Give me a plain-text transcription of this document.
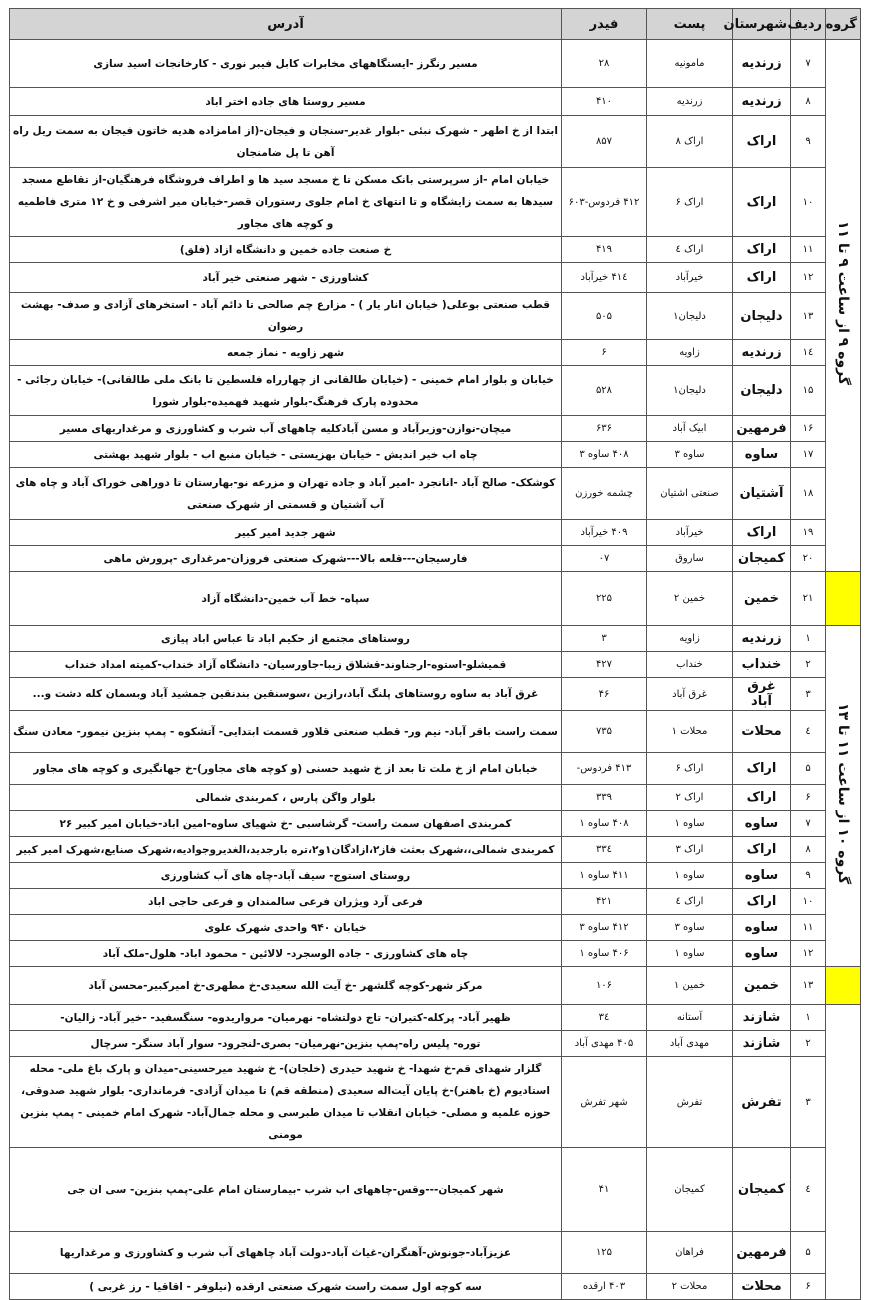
گروه	ردیف	شهرستان	پست	فیدر	آدرس
گروه ۹ از ساعت ۹ تا ۱۱	۷	زرندیه	مامونیه	۲۸	مسیر رنگرز -ایستگاههای مخابرات کابل فیبر نوری - کارخانجات اسید سازی
	۸	زرندیه	زرندیه	۴۱۰	مسیر روستا های جاده اختر اباد
	۹	اراک	اراک ۸	۸۵۷	ابتدا از خ اطهر - شهرک نبئی -بلوار غدیر-سنجان و فیجان-(از امامزاده هدیه خاتون فیجان به سمت ریل راه آهن تا پل ضامنجان
	۱۰	اراک	اراک ۶	۴۱۲ فردوس-۶۰۳	خیابان امام -از سرپرستی بانک مسکن تا خ مسجد سید ها و اطراف فروشگاه فرهنگیان-از تقاطع مسجد سیدها به سمت زایشگاه و تا انتهای خ امام جلوی رستوران قصر-خیابان میر اشرفی و خ ۱۲ متری فاطمیه و کوچه های مجاور
	۱۱	اراک	اراک ٤	۴۱۹	خ صنعت جاده خمین و دانشگاه ازاد (فلق)
	۱۲	اراک	خیرآباد	۴۱٤ خیرآباد	کشاورزی - شهر صنعتی خیر آباد
	۱۳	دلیجان	دلیجان۱	۵۰۵	قطب صنعتی بوعلی( خیابان انار یار ) - مزارع چم صالحی تا دائم آباد - استخرهای آزادی و صدف- بهشت رضوان
	۱٤	زرندیه	زاویه	۶	شهر زاویه - نماز جمعه
	۱۵	دلیجان	دلیجان۱	۵۲۸	خیابان و بلوار امام خمینی - (خیابان طالقانی از چهارراه فلسطین تا بانک ملی طالقانی)- خیابان رجائی - محدوده پارک فرهنگ-بلوار شهید فهمیده-بلوار شورا
	۱۶	فرمهین	ابیک آباد	۶۳۶	میچان-نوازن-وزیرآباد و مسن آبادکلیه چاههای آب شرب و کشاورزی و مرغداریهای مسیر
	۱۷	ساوه	ساوه ۳	۴۰۸ ساوه ۳	چاه اب خیر اندیش - خیابان بهزیستی - خیابان منبع اب - بلوار شهید بهشتی
	۱۸	آشتیان	صنعتی اشتیان	چشمه خورزن	کوشکک- صالح آباد -انانجرد -امیر آباد و جاده تهران و مزرعه نو-بهارستان تا دوراهی خوراک آباد و چاه های آب آشتیان و قسمتی از شهرک صنعتی
	۱۹	اراک	خیرآباد	۴۰۹ خیرآباد	شهر جدید امیر کبیر
	۲۰	کمیجان	ساروق	۰۷	فارسیجان---قلعه بالا---شهرک صنعتی فروزان-مرغداری -پرورش ماهی
	۲۱	خمین	خمین ۲	۲۲۵	سپاه- خط آب خمین-دانشگاه آزاد
گروه ۱۰ از ساعت ۱۱ تا ۱۳	۱	زرندیه	زاویه	۳	روستاهای مجتمع از حکیم اباد تا عباس اباد پیازی
	۲	خنداب	خنداب	۴۲۷	قمیشلو-استوه-ارجناوند-قشلاق زیبا-جاورسیان- دانشگاه آزاد خنداب-کمیته امداد خنداب
	۳	غرق آباد	غرق آباد	۴۶	غرق آباد به ساوه روستاهای پلنگ آباد،رازین ،سوسنقین بندنقین جمشید آباد وبسمان کله دشت و...
	٤	محلات	محلات ۱	۷۳۵	سمت راست باقر آباد- نیم ور- قطب صنعتی قلاور قسمت ابتدایی- آتشکوه - پمپ بنزین نیمور- معادن سنگ
	۵	اراک	اراک ۶	۴۱۳ فردوس-	خیابان امام از خ ملت تا بعد از خ شهید حسنی (و کوچه های مجاور)-خ جهانگیری و کوچه های مجاور
	۶	اراک	اراک ۲	۳۳۹	بلوار واگن پارس ، کمربندی شمالی
	۷	ساوه	ساوه ۱	۴۰۸ ساوه ۱	کمربندی اصفهان سمت راست- گرشاسبی -خ شهیای ساوه-امین اباد-خیابان امیر کبیر ۲۶
	۸	اراک	اراک ۳	۳۳٤	کمربندی شمالی،،شهرک بعثت فاز۲،ازادگان۱و۲،تره بارجدید،الغدیروجوادیه،شهرک صنایع،شهرک امیر کبیر
	۹	ساوه	ساوه ۱	۴۱۱ ساوه ۱	روستای استوج- سیف آباد-چاه های آب کشاورزی
	۱۰	اراک	اراک ٤	۴۲۱	فرعی آرد ویژران فرعی سالمندان و فرعی حاجی اباد
	۱۱	ساوه	ساوه ۳	۴۱۲ ساوه ۳	خیابان ۹۴۰ واحدی شهرک علوی
	۱۲	ساوه	ساوه ۱	۴۰۶ ساوه ۱	چاه های کشاورزی - جاده الوسجرد- لالائین - محمود اباد- هلول-ملک آباد
	۱۳	خمین	خمین ۱	۱۰۶	مرکز شهر-کوچه گلشهر -خ آیت الله سعیدی-خ مطهری-خ امیرکبیر-محسن آباد
	۱	شازند	آستانه	۳٤	ظهیر آباد- پرکله-کتیران- تاج دولتشاه- نهرمیان- مرواریدوه- سنگسفید- -خیر آباد- زالیان-
	۲	شازند	مهدی آباد	۴۰۵ مهدی آباد	توره- پلیس راه-پمپ بنزین-نهرمیان- بصری-لنجرود- سوار آباد سنگر- سرچال
	۳	تفرش	تفرش	شهر تفرش	گلزار شهدای قم-خ شهدا- خ شهید حیدری (خلجان)- خ شهید میرحسینی-میدان و پارک باغ ملی- محله استادیوم (خ باهنر)-خ پایان آیت‌اله سعیدی (منطقه قم) تا میدان آزادی- فرمانداری- بلوار شهید صدوقی، حوزه علمیه و مصلی- خیابان انقلاب تا میدان طبرسی و محله جمال‌آباد- شهرک امام خمینی - پمپ بنزین مومنی
	٤	کمیجان	کمیجان	۴۱	شهر کمیجان---وقس-چاههای اب شرب -بیمارستان امام علی-پمپ بنزین- سی ان جی
	۵	فرمهین	فراهان	۱۲۵	عزیزآباد-جونوش-آهنگران-غیاث آباد-دولت آباد چاههای آب شرب و کشاورزی و مرغداریها
	۶	محلات	محلات ۲	۴۰۳ ارقده	سه کوچه اول سمت راست شهرک صنعتی ارقده (نیلوفر - اقاقیا - رز غربی )
